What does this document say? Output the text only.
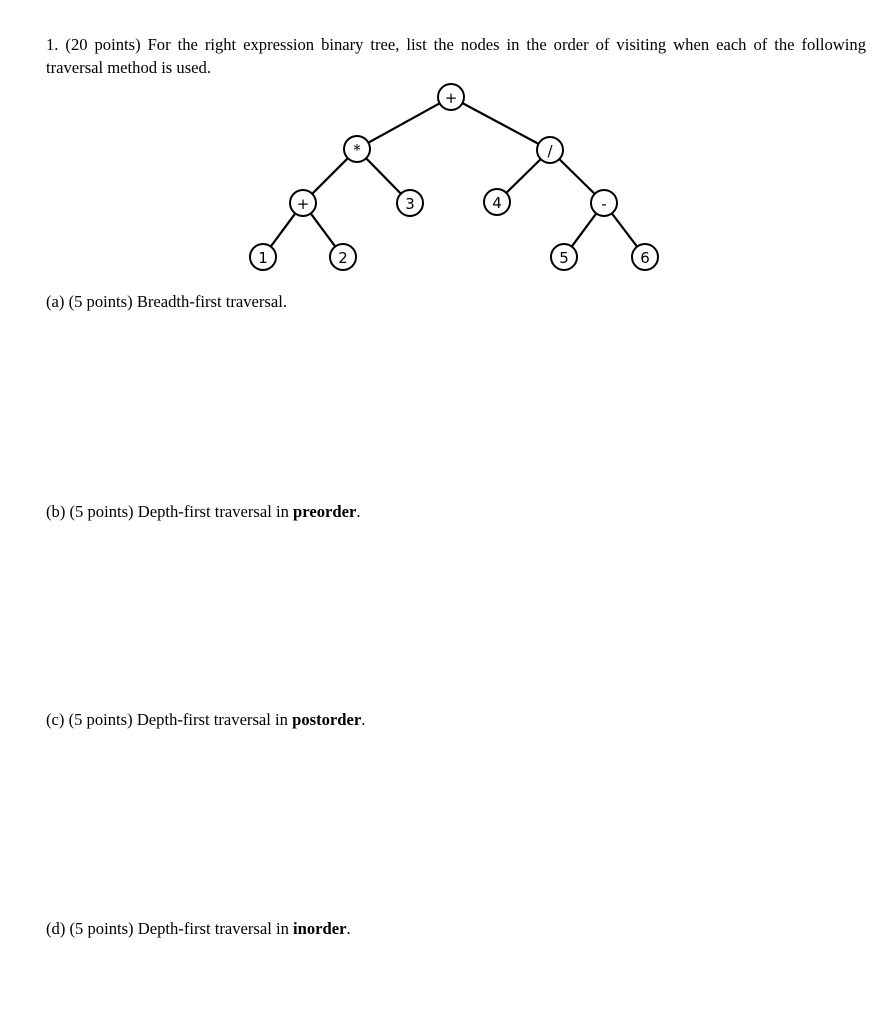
1. (20 points) For the right expression binary tree, list the nodes in the order of visiting when each of the following traversal method is used.
+
*	/
+	3	4	-
1	2	5	6
(a) (5 points) Breadth-first traversal.
(b) (5 points) Depth-first traversal in preorder.
(c) (5 points) Depth-first traversal in postorder.
(d) (5 points) Depth-first traversal in inorder.
